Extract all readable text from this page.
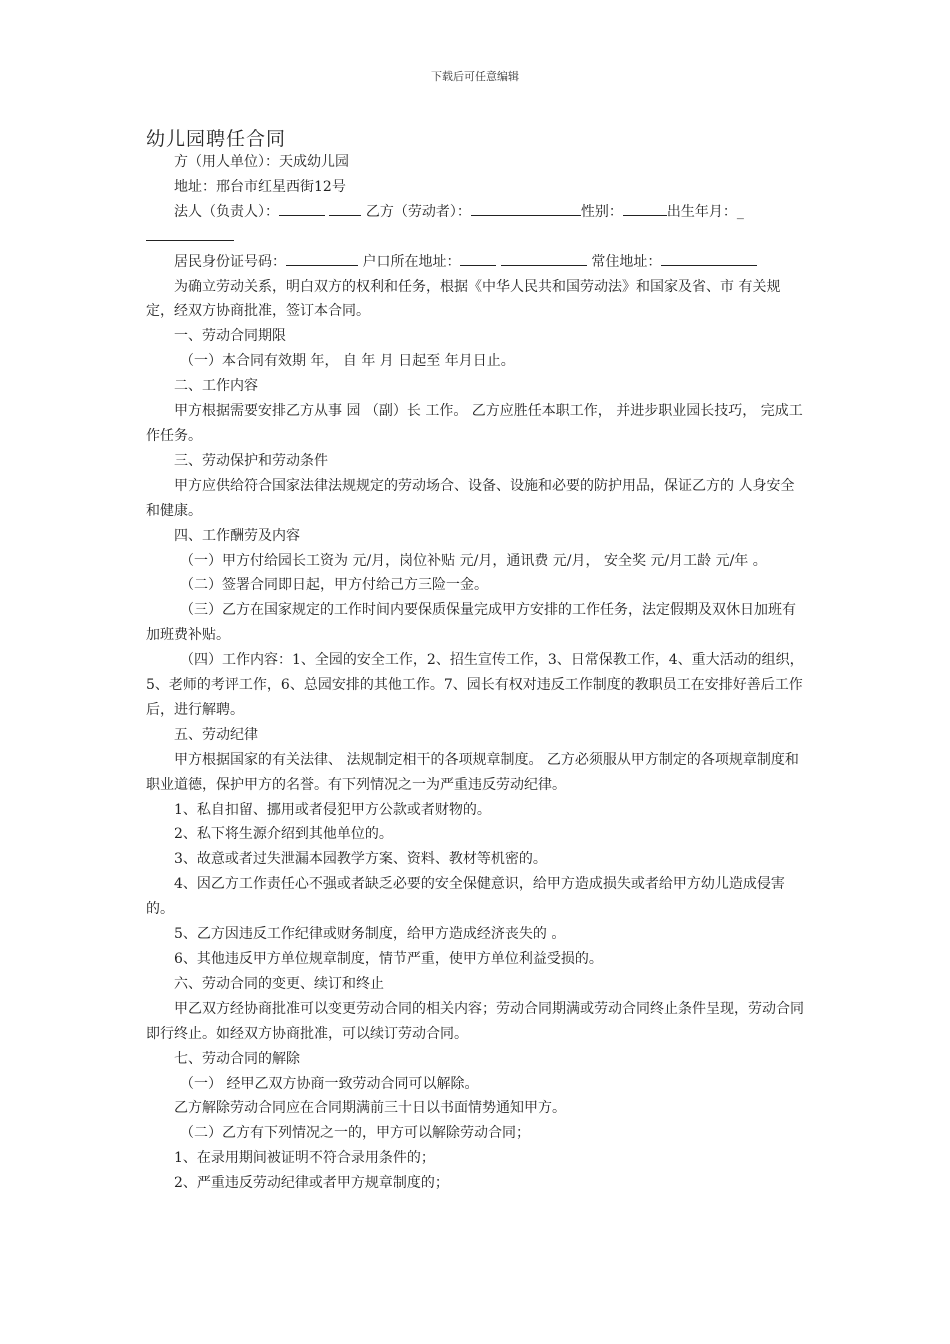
下载后可任意编辑
幼儿园聘任合同

方（用人单位）：天成幼儿园

地址：邢台市红星西街12号

法人（负责人）：	乙方（劳动者）：	性别：	出生年月：_

居民身份证号码：	户口所在地址：	常住地址：

为确立劳动关系，明白双方的权利和任务，根据《中华人民共和国劳动法》和国家及省、市 有关规定，经双方协商批准，签订本合同。

一、劳动合同期限

（一）本合同有效期 年， 自 年 月 日起至 年月日止。

二、工作内容

甲方根据需要安排乙方从事 园 （副）长 工作。 乙方应胜任本职工作， 并进步职业园长技巧， 完成工作任务。

三、劳动保护和劳动条件

甲方应供给符合国家法律法规规定的劳动场合、设备、设施和必要的防护用品，保证乙方的 人身安全和健康。

四、工作酬劳及内容

（一）甲方付给园长工资为 元/月，岗位补贴 元/月，通讯费 元/月， 安全奖 元/月工龄 元/年 。

（二）签署合同即日起，甲方付给己方三险一金。

（三）乙方在国家规定的工作时间内要保质保量完成甲方安排的工作任务，法定假期及双休日加班有加班费补贴。

（四）工作内容：1、全园的安全工作，2、招生宣传工作，3、日常保教工作，4、重大活动的组织，5、老师的考评工作，6、总园安排的其他工作。7、园长有权对违反工作制度的教职员工在安排好善后工作后，进行解聘。

五、劳动纪律

甲方根据国家的有关法律、 法规制定相干的各项规章制度。 乙方必须服从甲方制定的各项规章制度和职业道德，保护甲方的名誉。有下列情况之一为严重违反劳动纪律。

1、私自扣留、挪用或者侵犯甲方公款或者财物的。

2、私下将生源介绍到其他单位的。

3、故意或者过失泄漏本园教学方案、资料、教材等机密的。

4、因乙方工作责任心不强或者缺乏必要的安全保健意识，给甲方造成损失或者给甲方幼儿造成侵害的。

5、乙方因违反工作纪律或财务制度，给甲方造成经济丧失的 。

6、其他违反甲方单位规章制度，情节严重，使甲方单位利益受损的。

六、劳动合同的变更、续订和终止

甲乙双方经协商批准可以变更劳动合同的相关内容；劳动合同期满或劳动合同终止条件呈现，劳动合同即行终止。如经双方协商批准，可以续订劳动合同。

七、劳动合同的解除

（一） 经甲乙双方协商一致劳动合同可以解除。

乙方解除劳动合同应在合同期满前三十日以书面情势通知甲方。

（二）乙方有下列情况之一的，甲方可以解除劳动合同；

1、在录用期间被证明不符合录用条件的；

2、严重违反劳动纪律或者甲方规章制度的；
